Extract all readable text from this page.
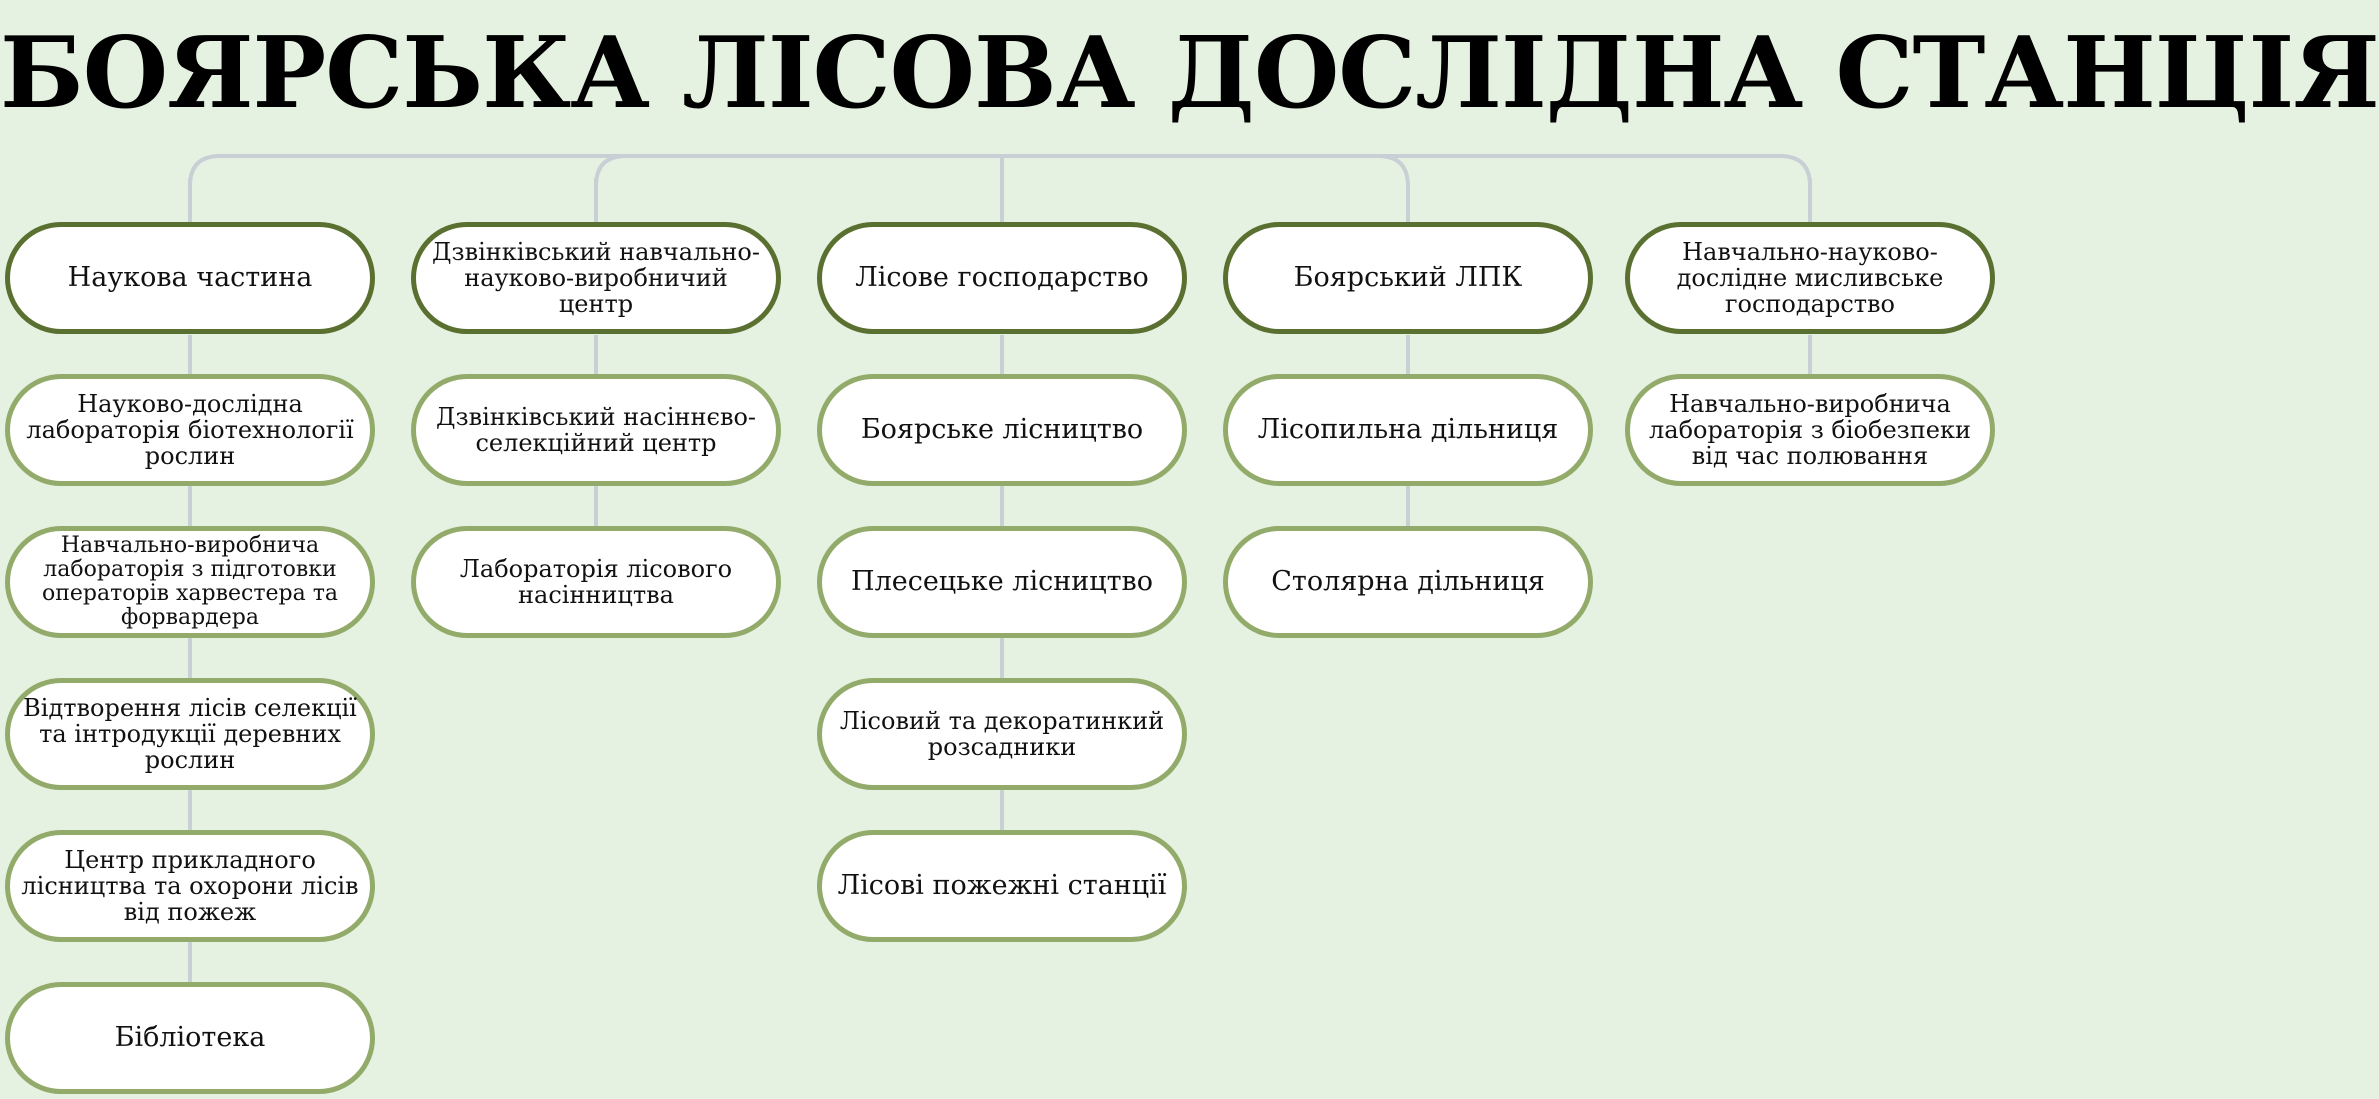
БОЯРСЬКА ЛІСОВА ДОСЛІДНА СТАНЦІЯ
Наукова частина
Науково-дослідна лабораторія біотехнології рослин
Навчально-виробнича лабораторія з підготовки операторів харвестера та форвардера
Відтворення лісів селекції та інтродукції деревних рослин
Центр прикладного лісництва та охорони лісів від пожеж
Бібліотека
Дзвінківський навчально-науково-виробничий центр
Дзвінківський насіннєво-селекційний центр
Лабораторія лісового насінництва
Лісове господарство
Боярське лісництво
Плесецьке лісництво
Лісовий та декоратинкий розсадники
Лісові пожежні станції
Боярський ЛПК
Лісопильна дільниця
Столярна дільниця
Навчально-науково-дослідне мисливське господарство
Навчально-виробнича лабораторія з біобезпеки від час полювання
